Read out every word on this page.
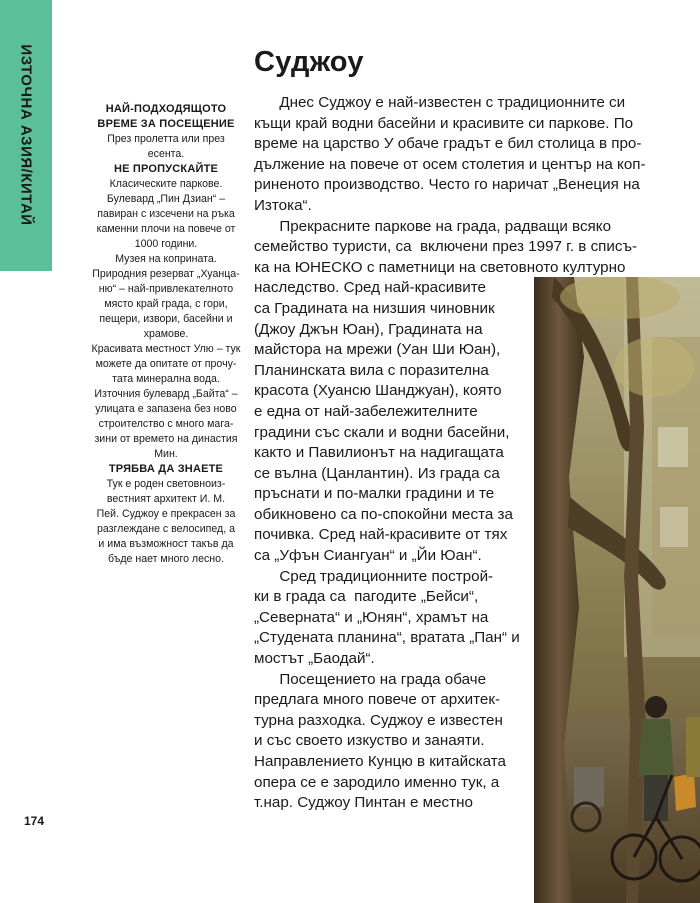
ИЗТОЧНА АЗИЯ/КИТАЙ	НАЙ-ПОДХОДЯЩОТО
ВРЕМЕ ЗА ПОСЕЩЕНИЕ
През пролетта или през
есента.
НЕ ПРОПУСКАЙТЕ
Класическите паркове.
Булевард „Пин Дзиан“ –
павиран с изсечени на ръка
каменни плочи на повече от
1000 години.
Музея на коприната.
Природния резерват „Хуанца-
ню“ – най-привлекателното
място край града, с гори,
пещери, извори, басейни и
храмове.
Красивата местност Улю – тук
можете да опитате от прочу-
тата минерална вода.
Източния булевард „Байта“ –
улицата е запазена без ново
строителство с много мага-
зини от времето на династия
Мин.
ТРЯБВА ДА ЗНАЕТЕ
Тук е роден световноиз-
вестният архитект И. М.
Пей. Суджоу е прекрасен за
разглеждане с велосипед, а
и има възможност такъв да
бъде нает много лесно.
174
Суджоу
Днес Суджоу е най-известен с традиционните си
къщи край водни басейни и красивите си паркове. По
време на царство У обаче градът е бил столица в про-
дължение на повече от осем столетия и център на коп-
риненото производство. Често го наричат „Венеция на
Изтока“.
Прекрасните паркове на града, радващи всяко
семейство туристи, са  включени през 1997 г. в списъ-
ка на ЮНЕСКО с паметници на световното културно
наследство. Сред най-красивите
са Градината на низшия чиновник
(Джоу Джън Юан), Градината на
майстора на мрежи (Уан Ши Юан),
Планинската вила с поразителна
красота (Хуансю Шанджуан), която
е една от най-забележителните
градини със скали и водни басейни,
както и Павилионът на надигащата
се вълна (Цанлантин). Из града са
пръснати и по-малки градини и те
обикновено са по-спокойни места за
почивка. Сред най-красивите от тях
са „Уфън Сиангуан“ и „Йи Юан“.
Сред традиционните построй-
ки в града са  пагодите „Бейси“,
„Северната“ и „Юнян“, храмът на
„Студената планина“, вратата „Пан“ и
мостът „Баодай“.
Посещението на града обаче
предлага много повече от архитек-
турна разходка. Суджоу е известен
и със своето изкуство и занаяти.
Направлението Кунцю в китайската
опера се е зародило именно тук, а
т.нар. Суджоу Пинтан е местно
